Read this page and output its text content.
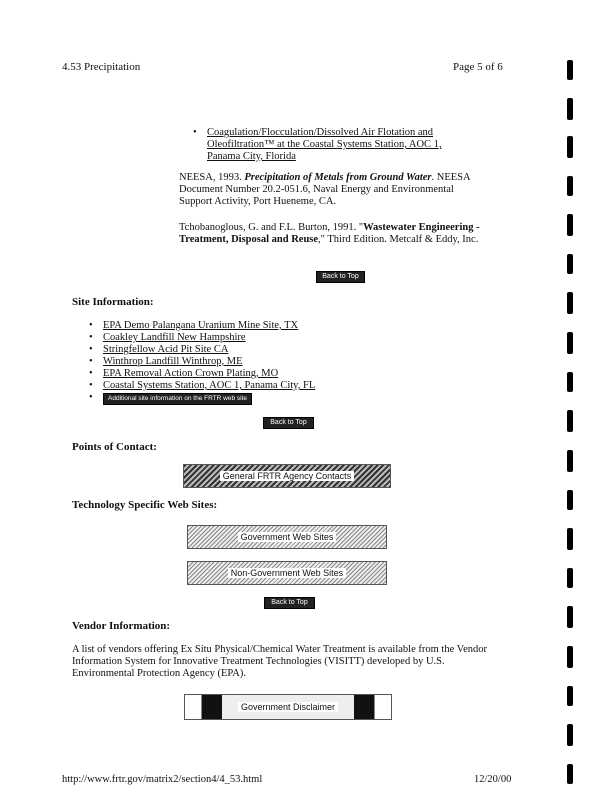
4.53 Precipitation	Page 5 of 6
• Coagulation/Flocculation/Dissolved Air Flotation and Oleofiltration™ at the Coastal Systems Station, AOC 1, Panama City, Florida
NEESA, 1993. Precipitation of Metals from Ground Water. NEESA Document Number 20.2-051.6, Naval Energy and Environmental Support Activity, Port Hueneme, CA.
Tchobanoglous, G. and F.L. Burton, 1991. "Wastewater Engineering - Treatment, Disposal and Reuse," Third Edition. Metcalf & Eddy, Inc.
Back to Top
Site Information:
• EPA Demo Palangana Uranium Mine Site, TX
• Coakley Landfill New Hampshire
• Stringfellow Acid Pit Site CA
• Winthrop Landfill Winthrop, ME
• EPA Removal Action Crown Plating, MO
• Coastal Systems Station, AOC 1, Panama City, FL
• Additional site information on the FRTR web site
Back to Top
Points of Contact:
General FRTR Agency Contacts
Technology Specific Web Sites:
Government Web Sites
Non-Government Web Sites
Back to Top
Vendor Information:
A list of vendors offering Ex Situ Physical/Chemical Water Treatment is available from the Vendor Information System for Innovative Treatment Technologies (VISITT) developed by U.S. Environmental Protection Agency (EPA).
Government Disclaimer
http://www.frtr.gov/matrix2/section4/4_53.html	12/20/00
